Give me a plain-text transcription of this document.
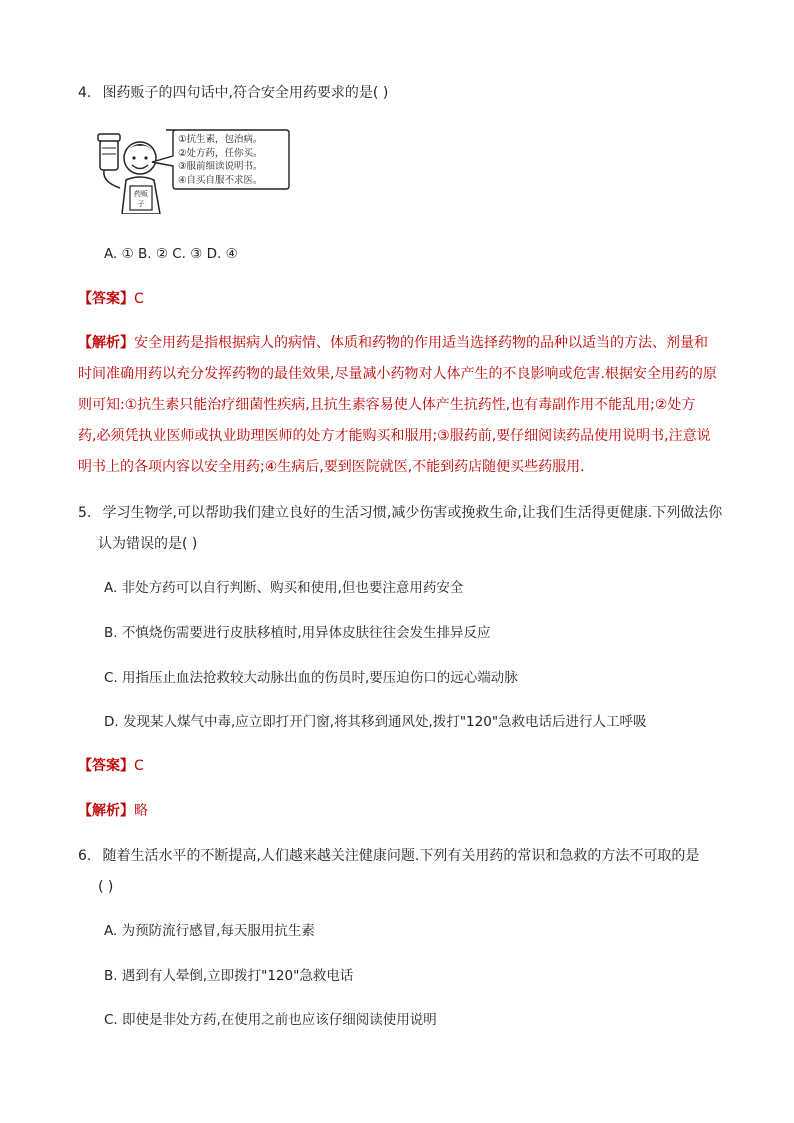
4. 图药贩子的四句话中,符合安全用药要求的是( )
药贩
子
①抗生素，包治病。
②处方药，任你买。
③服前细读说明书。
④自买自服不求医。
A. ① B. ② C. ③ D. ④
【答案】C
【解析】安全用药是指根据病人的病情、体质和药物的作用适当选择药物的品种以适当的方法、剂量和
时间准确用药以充分发挥药物的最佳效果,尽量减小药物对人体产生的不良影响或危害.根据安全用药的原
则可知:①抗生素只能治疗细菌性疾病,且抗生素容易使人体产生抗药性,也有毒副作用不能乱用;②处方
药,必须凭执业医师或执业助理医师的处方才能购买和服用;③服药前,要仔细阅读药品使用说明书,注意说
明书上的各项内容以安全用药;④生病后,要到医院就医,不能到药店随便买些药服用.
5. 学习生物学,可以帮助我们建立良好的生活习惯,减少伤害或挽救生命,让我们生活得更健康.下列做法你
认为错误的是( )
A. 非处方药可以自行判断、购买和使用,但也要注意用药安全
B. 不慎烧伤需要进行皮肤移植时,用异体皮肤往往会发生排异反应
C. 用指压止血法抢救较大动脉出血的伤员时,要压迫伤口的远心端动脉
D. 发现某人煤气中毒,应立即打开门窗,将其移到通风处,拨打"120"急救电话后进行人工呼吸
【答案】C
【解析】略
6. 随着生活水平的不断提高,人们越来越关注健康问题.下列有关用药的常识和急救的方法不可取的是
( )
A. 为预防流行感冒,每天服用抗生素
B. 遇到有人晕倒,立即拨打"120"急救电话
C. 即使是非处方药,在使用之前也应该仔细阅读使用说明
